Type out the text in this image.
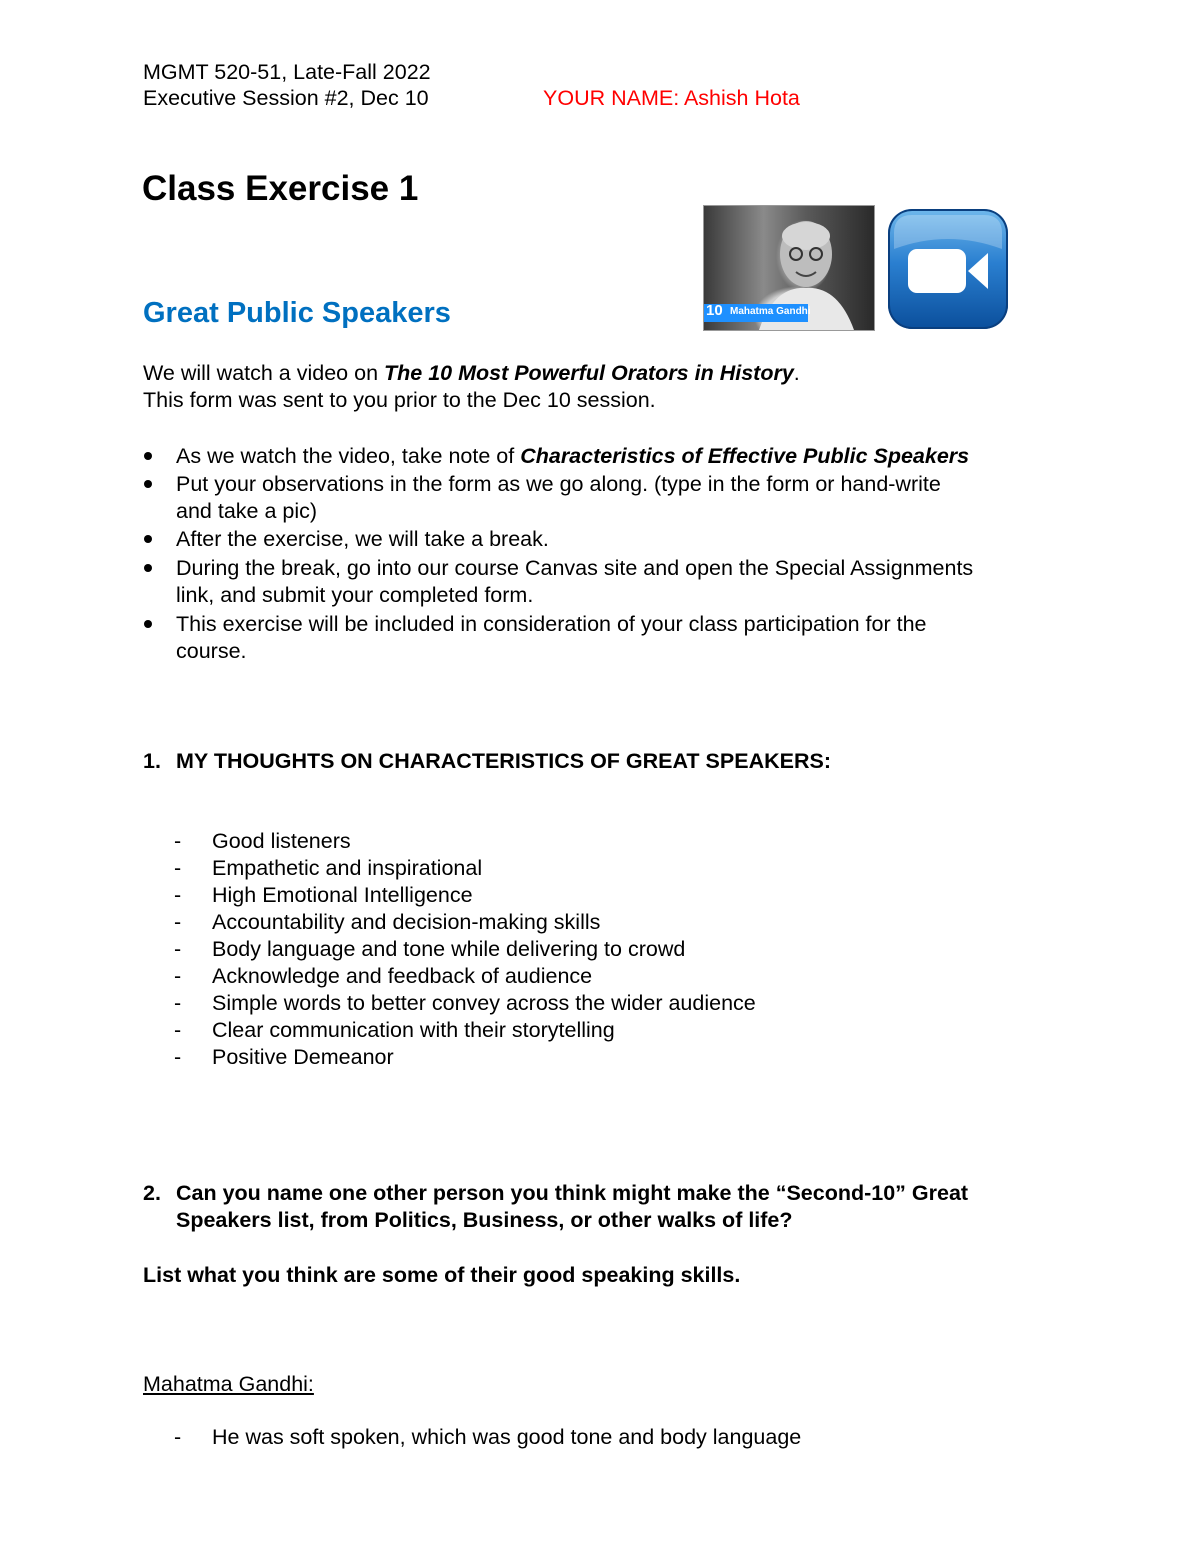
MGMT 520-51, Late-Fall 2022
Executive Session #2, Dec 10	YOUR NAME: Ashish Hota
Class Exercise 1
10 Mahatma Gandhi
Great Public Speakers
We will watch a video on The 10 Most Powerful Orators in History.
This form was sent to you prior to the Dec 10 session.
As we watch the video, take note of Characteristics of Effective Public Speakers
Put your observations in the form as we go along. (type in the form or hand-write
and take a pic)
After the exercise, we will take a break.
During the break, go into our course Canvas site and open the Special Assignments
link, and submit your completed form.
This exercise will be included in consideration of your class participation for the
course.
1. MY THOUGHTS ON CHARACTERISTICS OF GREAT SPEAKERS:
- Good listeners
- Empathetic and inspirational
- High Emotional Intelligence
- Accountability and decision-making skills
- Body language and tone while delivering to crowd
- Acknowledge and feedback of audience
- Simple words to better convey across the wider audience
- Clear communication with their storytelling
- Positive Demeanor
2. Can you name one other person you think might make the “Second-10” Great
Speakers list, from Politics, Business, or other walks of life?
List what you think are some of their good speaking skills.
Mahatma Gandhi:
- He was soft spoken, which was good tone and body language
